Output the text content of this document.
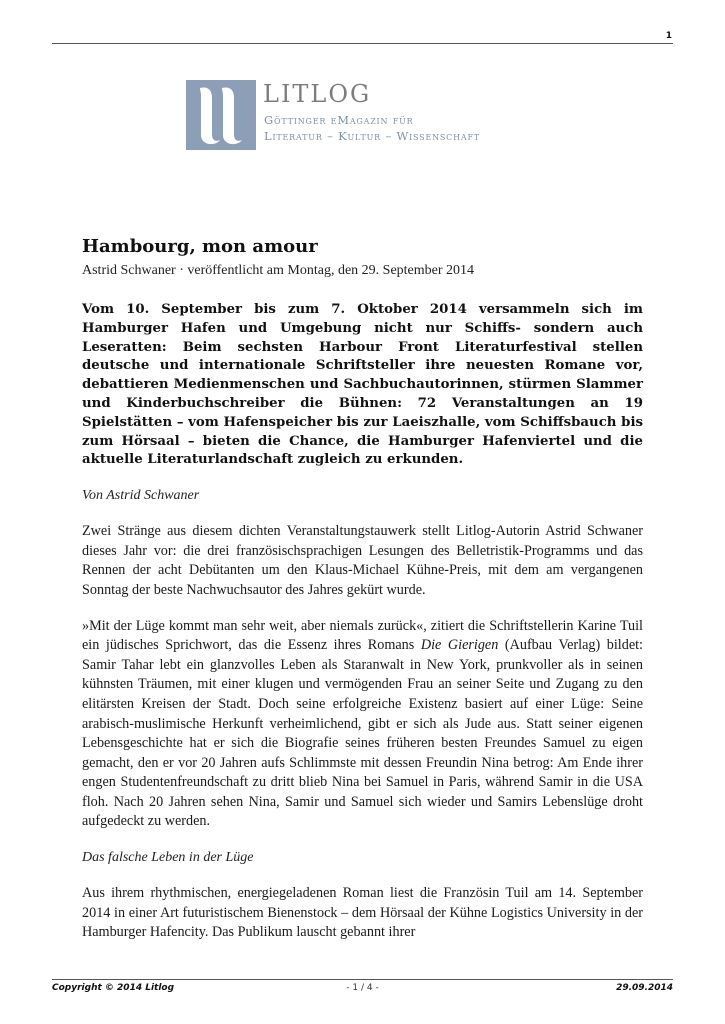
1
LITLOG
Göttinger eMagazin für
Literatur – Kultur – Wissenschaft
Hambourg, mon amour

Astrid Schwaner · veröffentlicht am Montag, den 29. September 2014

Vom 10. September bis zum 7. Oktober 2014 versammeln sich im Hamburger Hafen und Umgebung nicht nur Schiffs- sondern auch Leseratten: Beim sechsten Harbour Front Literaturfestival stellen deutsche und internationale Schriftsteller ihre neuesten Romane vor, debattieren Medienmenschen und Sachbuchautorinnen, stürmen Slammer und Kinderbuchschreiber die Bühnen: 72 Veranstaltungen an 19 Spielstätten – vom Hafenspeicher bis zur Laeiszhalle, vom Schiffsbauch bis zum Hörsaal – bieten die Chance, die Hamburger Hafenviertel und die aktuelle Literaturlandschaft zugleich zu erkunden.

Von Astrid Schwaner

Zwei Stränge aus diesem dichten Veranstaltungstauwerk stellt Litlog-Autorin Astrid Schwaner dieses Jahr vor: die drei französischsprachigen Lesungen des Belletristik-Programms und das Rennen der acht Debütanten um den Klaus-Michael Kühne-Preis, mit dem am vergangenen Sonntag der beste Nachwuchsautor des Jahres gekürt wurde.

»Mit der Lüge kommt man sehr weit, aber niemals zurück«, zitiert die Schriftstellerin Karine Tuil ein jüdisches Sprichwort, das die Essenz ihres Romans Die Gierigen (Aufbau Verlag) bildet: Samir Tahar lebt ein glanzvolles Leben als Staranwalt in New York, prunkvoller als in seinen kühnsten Träumen, mit einer klugen und vermögenden Frau an seiner Seite und Zugang zu den elitärsten Kreisen der Stadt. Doch seine erfolgreiche Existenz basiert auf einer Lüge: Seine arabisch-muslimische Herkunft verheimlichend, gibt er sich als Jude aus. Statt seiner eigenen Lebensgeschichte hat er sich die Biografie seines früheren besten Freundes Samuel zu eigen gemacht, den er vor 20 Jahren aufs Schlimmste mit dessen Freundin Nina betrog: Am Ende ihrer engen Studentenfreundschaft zu dritt blieb Nina bei Samuel in Paris, während Samir in die USA floh. Nach 20 Jahren sehen Nina, Samir und Samuel sich wieder und Samirs Lebenslüge droht aufgedeckt zu werden.

Das falsche Leben in der Lüge

Aus ihrem rhythmischen, energiegeladenen Roman liest die Französin Tuil am 14. September 2014 in einer Art futuristischem Bienenstock – dem Hörsaal der Kühne Logistics University in der Hamburger Hafencity. Das Publikum lauscht gebannt ihrer

Copyright © 2014 Litlog	- 1 / 4 -	29.09.2014
